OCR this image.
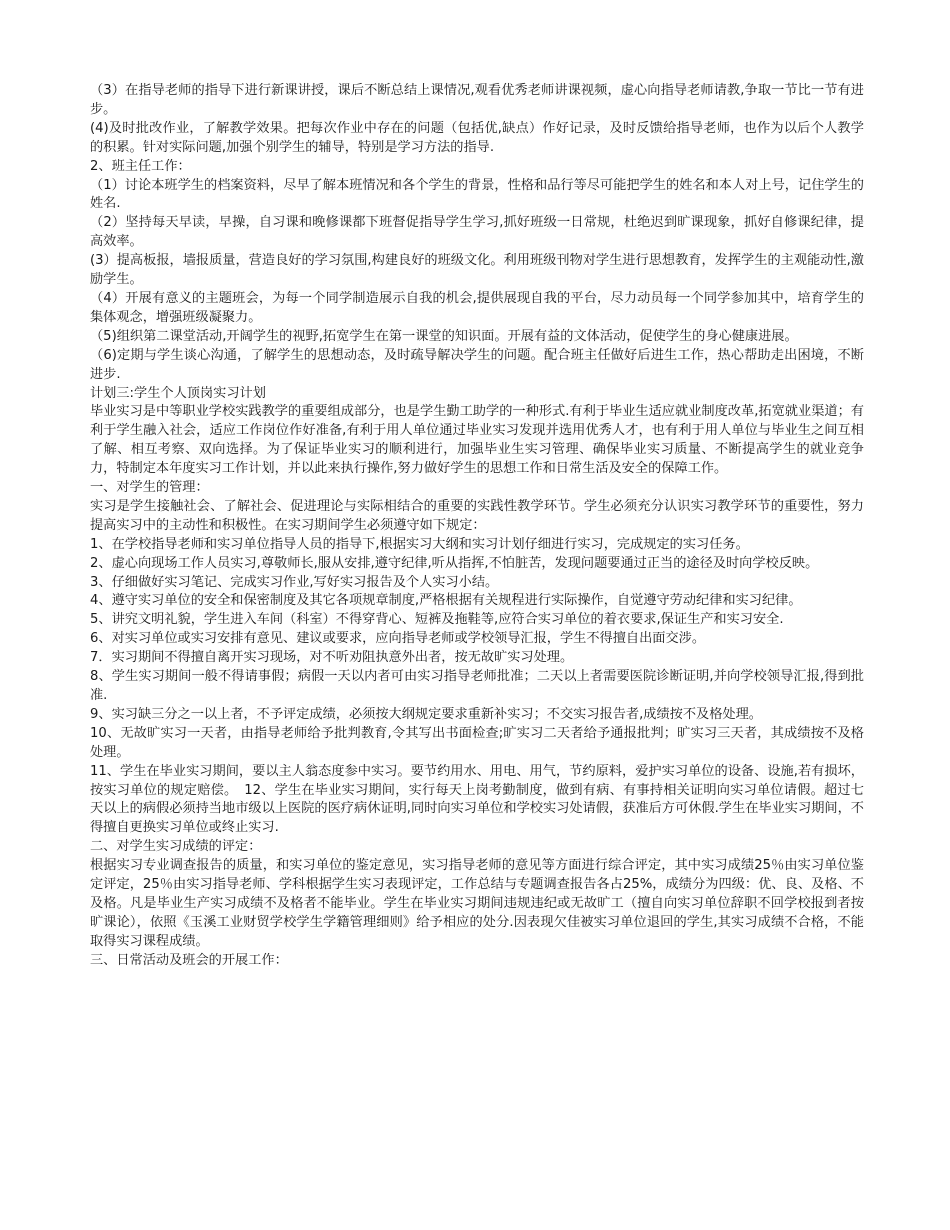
（3）在指导老师的指导下进行新课讲授，课后不断总结上课情况,观看优秀老师讲课视频，虚心向指导老师请教,争取一节比一节有进步。

(4)及时批改作业，了解教学效果。把每次作业中存在的问题（包括优,缺点）作好记录，及时反馈给指导老师，也作为以后个人教学的积累。针对实际问题,加强个别学生的辅导，特别是学习方法的指导.

2、班主任工作：

（1）讨论本班学生的档案资料，尽早了解本班情况和各个学生的背景，性格和品行等尽可能把学生的姓名和本人对上号，记住学生的姓名.

（2）坚持每天早读，早操，自习课和晚修课都下班督促指导学生学习,抓好班级一日常规，杜绝迟到旷课现象，抓好自修课纪律，提高效率。

(3）提高板报，墙报质量，营造良好的学习氛围,构建良好的班级文化。利用班级刊物对学生进行思想教育，发挥学生的主观能动性,激励学生。

（4）开展有意义的主题班会，为每一个同学制造展示自我的机会,提供展现自我的平台，尽力动员每一个同学参加其中，培育学生的集体观念，增强班级凝聚力。

（5)组织第二课堂活动,开阔学生的视野,拓宽学生在第一课堂的知识面。开展有益的文体活动，促使学生的身心健康进展。

（6)定期与学生谈心沟通，了解学生的思想动态，及时疏导解决学生的问题。配合班主任做好后进生工作，热心帮助走出困境，不断进步.

计划三:学生个人顶岗实习计划

毕业实习是中等职业学校实践教学的重要组成部分，也是学生勤工助学的一种形式.有利于毕业生适应就业制度改革,拓宽就业渠道；有利于学生融入社会，适应工作岗位作好准备,有利于用人单位通过毕业实习发现并选用优秀人才，也有利于用人单位与毕业生之间互相了解、相互考察、双向选择。为了保证毕业实习的顺利进行，加强毕业生实习管理、确保毕业实习质量、不断提高学生的就业竞争力，特制定本年度实习工作计划，并以此来执行操作,努力做好学生的思想工作和日常生活及安全的保障工作。

一、对学生的管理：

实习是学生接触社会、了解社会、促进理论与实际相结合的重要的实践性教学环节。学生必须充分认识实习教学环节的重要性，努力提高实习中的主动性和积极性。在实习期间学生必须遵守如下规定：

1、在学校指导老师和实习单位指导人员的指导下,根据实习大纲和实习计划仔细进行实习，完成规定的实习任务。

2、虚心向现场工作人员实习,尊敬师长,服从安排,遵守纪律,听从指挥,不怕脏苦，发现问题要通过正当的途径及时向学校反映。

3、仔细做好实习笔记、完成实习作业,写好实习报告及个人实习小结。

4、遵守实习单位的安全和保密制度及其它各项规章制度,严格根据有关规程进行实际操作，自觉遵守劳动纪律和实习纪律。

5、讲究文明礼貌，学生进入车间（科室）不得穿背心、短裤及拖鞋等,应符合实习单位的着衣要求,保证生产和实习安全.

6、对实习单位或实习安排有意见、建议或要求，应向指导老师或学校领导汇报，学生不得擅自出面交涉。

7．实习期间不得擅自离开实习现场，对不听劝阻执意外出者，按无故旷实习处理。

8、学生实习期间一般不得请事假；病假一天以内者可由实习指导老师批准；二天以上者需要医院诊断证明,并向学校领导汇报,得到批准.

9、实习缺三分之一以上者，不予评定成绩，必须按大纲规定要求重新补实习；不交实习报告者,成绩按不及格处理。

10、无故旷实习一天者，由指导老师给予批判教育,令其写出书面检查;旷实习二天者给予通报批判；旷实习三天者，其成绩按不及格处理。

11、学生在毕业实习期间，要以主人翁态度参中实习。要节约用水、用电、用气，节约原料，爱护实习单位的设备、设施,若有损坏，按实习单位的规定赔偿。　12、学生在毕业实习期间，实行每天上岗考勤制度，做到有病、有事持相关证明向实习单位请假。超过七天以上的病假必须持当地市级以上医院的医疗病休证明,同时向实习单位和学校实习处请假，获准后方可休假.学生在毕业实习期间，不得擅自更换实习单位或终止实习.

二、对学生实习成绩的评定：

根据实习专业调查报告的质量，和实习单位的鉴定意见，实习指导老师的意见等方面进行综合评定，其中实习成绩25％由实习单位鉴定评定，25％由实习指导老师、学科根据学生实习表现评定，工作总结与专题调查报告各占25%，成绩分为四级：优、良、及格、不及格。凡是毕业生产实习成绩不及格者不能毕业。学生在毕业实习期间违规违纪或无故旷工（擅自向实习单位辞职不回学校报到者按旷课论），依照《玉溪工业财贸学校学生学籍管理细则》给予相应的处分.因表现欠佳被实习单位退回的学生,其实习成绩不合格，不能取得实习课程成绩。

三、日常活动及班会的开展工作：
